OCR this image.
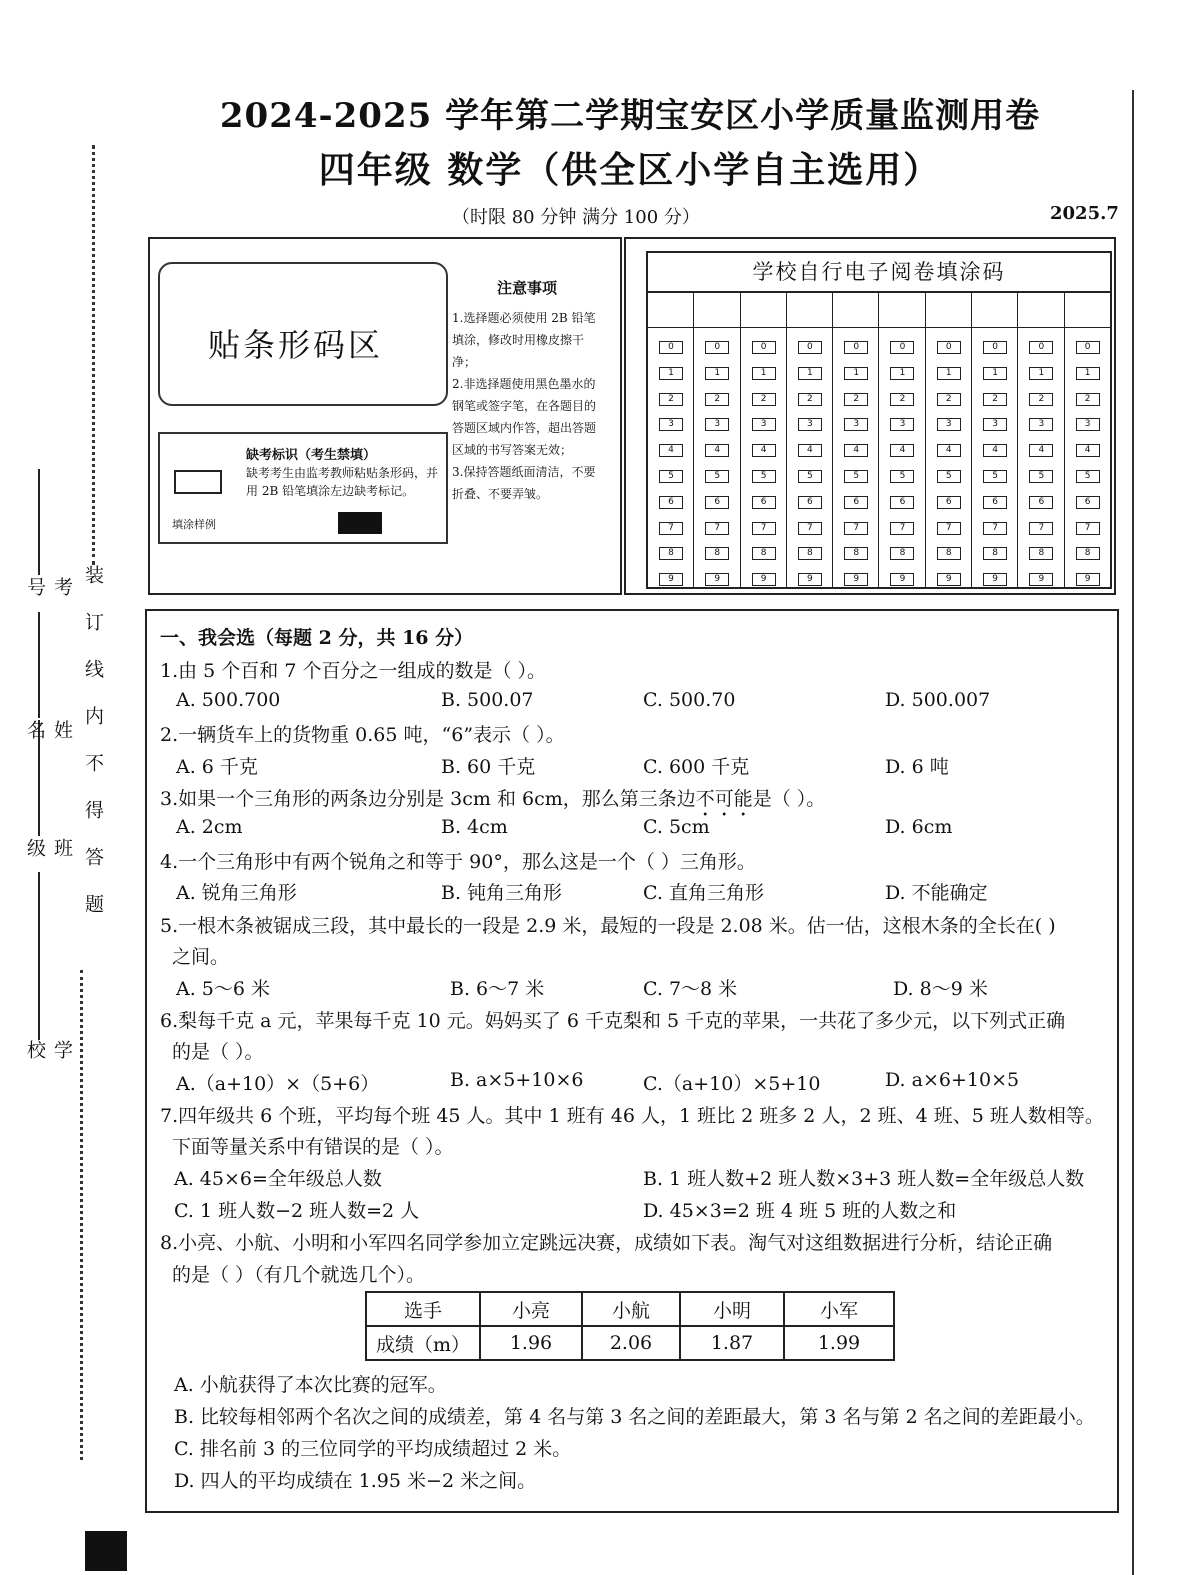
2024-2025 学年第二学期宝安区小学质量监测用卷
四年级 数学（供全区小学自主选用）
（时限 80 分钟 满分 100 分）	2025.7
装订线内不得答题
学校
班级
姓名
考号
贴条形码区
缺考标识（考生禁填）
缺考考生由监考教师粘贴条形码，并用 2B 铅笔填涂左边缺考标记。
填涂样例
注意事项
1.选择题必须使用 2B 铅笔填涂，修改时用橡皮擦干净；
2.非选择题使用黑色墨水的钢笔或签字笔，在各题目的答题区域内作答，超出答题区域的书写答案无效；
3.保持答题纸面清洁，不要折叠、不要弄皱。
学校自行电子阅卷填涂码
0
1
2
3
4
5
6
7
8
9
0
1
2
3
4
5
6
7
8
9
0
1
2
3
4
5
6
7
8
9
0
1
2
3
4
5
6
7
8
9
0
1
2
3
4
5
6
7
8
9
0
1
2
3
4
5
6
7
8
9
0
1
2
3
4
5
6
7
8
9
0
1
2
3
4
5
6
7
8
9
0
1
2
3
4
5
6
7
8
9
0
1
2
3
4
5
6
7
8
9
一、我会选（每题 2 分，共 16 分）
1.由 5 个百和 7 个百分之一组成的数是（ ）。
A. 500.700	B. 500.07	C. 500.70	D. 500.007
2.一辆货车上的货物重 0.65 吨，“6”表示（ ）。
A. 6 千克	B. 60 千克	C. 600 千克	D. 6 吨
3.如果一个三角形的两条边分别是 3cm 和 6cm，那么第三条边不可能是（ ）。
A. 2cm	B. 4cm	C. 5cm	D. 6cm
4.一个三角形中有两个锐角之和等于 90°，那么这是一个（ ）三角形。
A. 锐角三角形	B. 钝角三角形	C. 直角三角形	D. 不能确定
5.一根木条被锯成三段，其中最长的一段是 2.9 米，最短的一段是 2.08 米。估一估，这根木条的全长在( )
之间。
A. 5～6 米	B. 6～7 米	C. 7～8 米	D. 8～9 米
6.梨每千克 a 元，苹果每千克 10 元。妈妈买了 6 千克梨和 5 千克的苹果，一共花了多少元，以下列式正确
的是（ ）。
A.（a+10）×（5+6）	B. a×5+10×6	C.（a+10）×5+10	D. a×6+10×5
7.四年级共 6 个班，平均每个班 45 人。其中 1 班有 46 人，1 班比 2 班多 2 人，2 班、4 班、5 班人数相等。
下面等量关系中有错误的是（ ）。
A. 45×6=全年级总人数	B. 1 班人数+2 班人数×3+3 班人数=全年级总人数
C. 1 班人数−2 班人数=2 人	D. 45×3=2 班 4 班 5 班的人数之和
8.小亮、小航、小明和小军四名同学参加立定跳远决赛，成绩如下表。淘气对这组数据进行分析，结论正确
的是（ ）（有几个就选几个）。
选手	小亮	小航	小明	小军
成绩（m）	1.96	2.06	1.87	1.99
A. 小航获得了本次比赛的冠军。
B. 比较每相邻两个名次之间的成绩差，第 4 名与第 3 名之间的差距最大，第 3 名与第 2 名之间的差距最小。
C. 排名前 3 的三位同学的平均成绩超过 2 米。
D. 四人的平均成绩在 1.95 米−2 米之间。
